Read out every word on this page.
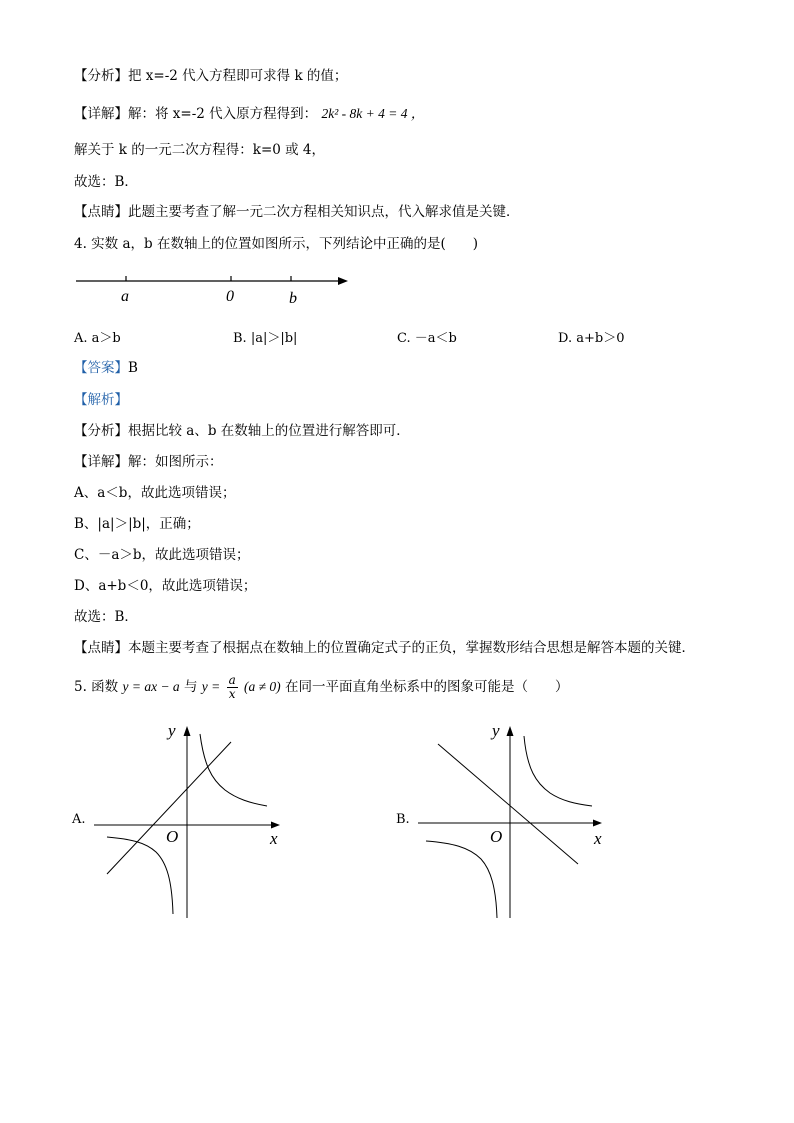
【分析】把 x=-2 代入方程即可求得 k 的值；
【详解】解：将 x=-2 代入原方程得到： 2k² - 8k + 4 = 4 ，
解关于 k 的一元二次方程得：k=0 或 4，
故选：B．
【点睛】此题主要考查了解一元二次方程相关知识点，代入解求值是关键．
4. 实数 a，b 在数轴上的位置如图所示，下列结论中正确的是(　　)
a	0	b
A. a＞b	B. |a|＞|b|	C. －a＜b	D. a+b＞0
【答案】B
【解析】
【分析】根据比较 a、b 在数轴上的位置进行解答即可．
【详解】解：如图所示：
A、a＜b，故此选项错误；
B、|a|＞|b|，正确；
C、－a＞b，故此选项错误；
D、a+b＜0，故此选项错误；
故选：B．
【点睛】本题主要考查了根据点在数轴上的位置确定式子的正负，掌握数形结合思想是解答本题的关键．
5. 函数 y = ax − a 与 $y = \frac{a}{x} (a \ne 0)$ 在同一平面直角坐标系中的图象可能是（　　）
A.
y
x
O
B.
y
x
O
